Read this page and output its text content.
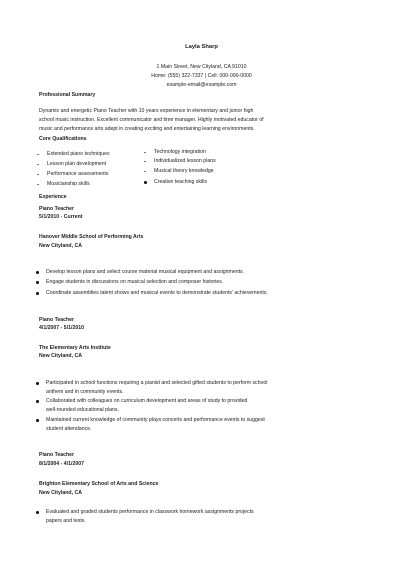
Layla Sharp
1 Main Street, New Cityland, CA 91010
Home: (555) 322-7337 | Cell: 000-000-0000
example-email@example.com
Professional Summary
Dynamic and energetic Piano Teacher with 10 years experience in elementary and junior high
school music instruction. Excellent communicator and time manager. Highly motivated educator of
music and performance arts adept in creating exciting and entertaining learning environments.
Core Qualifications
Extended piano techniques
Lesson plan development
Performance assessments
Musicianship skills
Technology integration
Individualized lesson plans
Musical theory knowledge
Creative teaching skills
Experience
Piano Teacher
5/1/2010 - Current
Hanover Middle School of Performing Arts
New Cityland, CA
Develop lesson plans and select course material musical equipment and assignments.
Engage students in discussions on musical selection and composer histories.
Coordinate assemblies talent shows and musical events to demonstrate students' achievements.
Piano Teacher
4/1/2007 - 5/1/2010
The Elementary Arts Institute
New Cityland, CA
Participated in school functions requiring a pianist and selected gifted students to perform school
anthem and in community events.
Collaborated with colleagues on curriculum development and areas of study to provided
well-rounded educational plans.
Maintained current knowledge of community plays concerts and performance events to suggest
student attendance.
Piano Teacher
8/1/2004 - 4/1/2007
Brighton Elementary School of Arts and Science
New Cityland, CA
Evaluated and graded students performance in classwork homework assignments projects
papers and tests.
